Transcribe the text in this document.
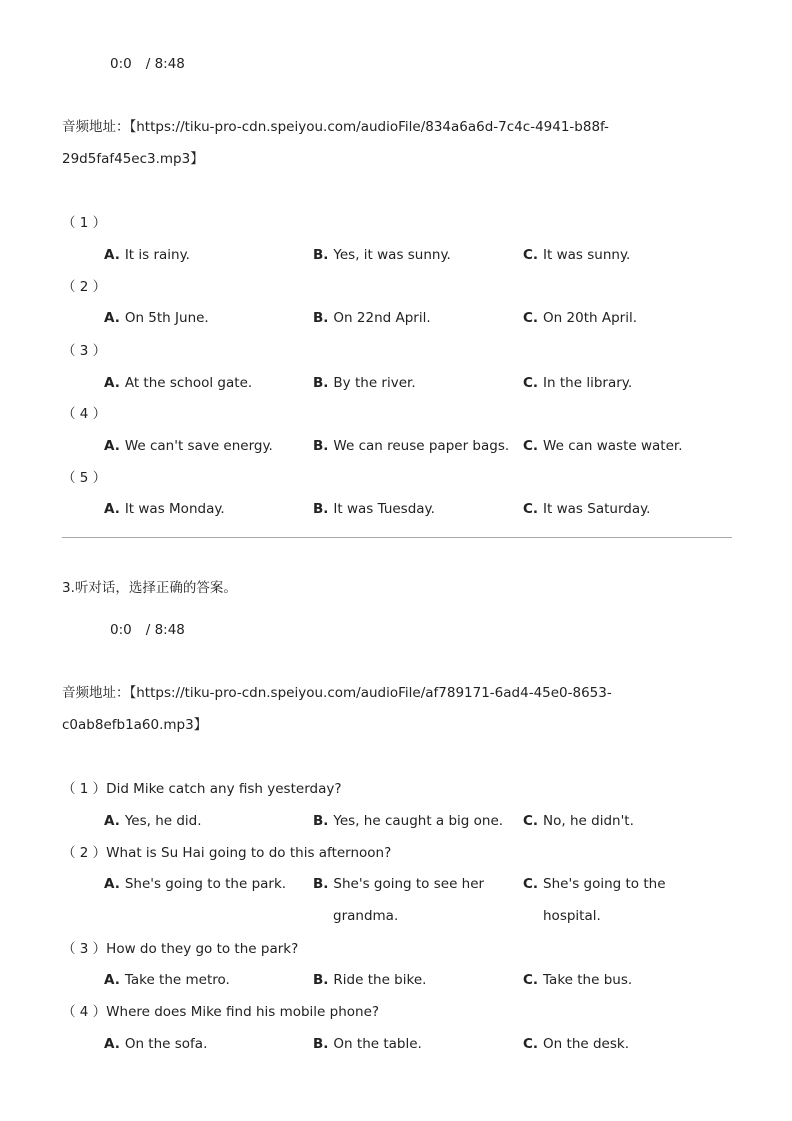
0:0 / 8:48
音频地址：【https://tiku-pro-cdn.speiyou.com/audioFile/834a6a6d-7c4c-4941-b88f-
29d5faf45ec3.mp3】
（ 1 ）
A. It is rainy.	B. Yes, it was sunny.	C. It was sunny.
（ 2 ）
A. On 5th June.	B. On 22nd April.	C. On 20th April.
（ 3 ）
A. At the school gate.	B. By the river.	C. In the library.
（ 4 ）
A. We can't save energy.	B. We can reuse paper bags. C. We can waste water.
（ 5 ）
A. It was Monday.	B. It was Tuesday.	C. It was Saturday.
3.听对话，选择正确的答案。
0:0 / 8:48
音频地址：【https://tiku-pro-cdn.speiyou.com/audioFile/af789171-6ad4-45e0-8653-
c0ab8efb1a60.mp3】
（ 1 ）Did Mike catch any fish yesterday?
A. Yes, he did.	B. Yes, he caught a big one. C. No, he didn't.
（ 2 ）What is Su Hai going to do this afternoon?
A. She's going to the park. B. She's going to see her
grandma.
C. She's going to the
hospital.
（ 3 ）How do they go to the park?
A. Take the metro.	B. Ride the bike.	C. Take the bus.
（ 4 ）Where does Mike find his mobile phone?
A. On the sofa.	B. On the table.	C. On the desk.
